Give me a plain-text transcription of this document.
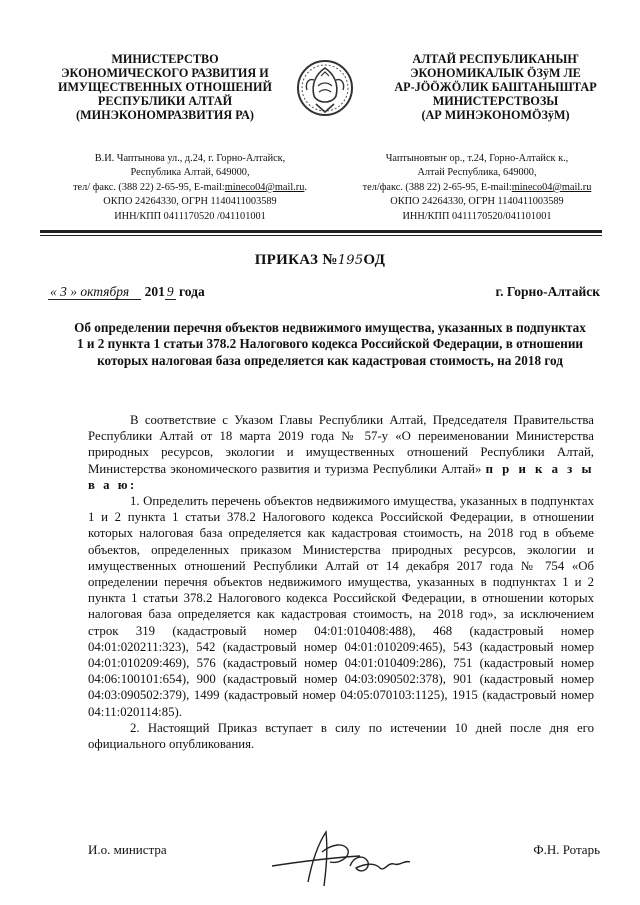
МИНИСТЕРСТВО
ЭКОНОМИЧЕСКОГО РАЗВИТИЯ И
ИМУЩЕСТВЕННЫХ ОТНОШЕНИЙ
РЕСПУБЛИКИ АЛТАЙ
(МИНЭКОНОМРАЗВИТИЯ РА)
АЛТАЙ РЕСПУБЛИКАНЫҤ
ЭКОНОМИКАЛЫК ÖЗÿМ ЛЕ
АР-JÖÖЖÖЛИК БАШТАНЫШТАР
МИНИСТЕРСТВОЗЫ
(АР МИНЭКОНОМÖЗÿМ)
В.И. Чаптынова ул., д.24, г. Горно-Алтайск,
Республика Алтай, 649000,
тел/ факс. (388 22) 2-65-95, E-mail:mineco04@mail.ru.
ОКПО 24264330, ОГРН 1140411003589
ИНН/КПП 0411170520 /041101001
Чаптыновтыҥ ор., т.24, Горно-Алтайск к.,
Алтай Республика, 649000,
тел/факс. (388 22) 2-65-95, E-mail:mineco04@mail.ru
ОКПО 24264330, ОГРН 1140411003589
ИНН/КПП 0411170520/041101001
ПРИКАЗ №195ОД
« 3 » октября 201 9 года	г. Горно-Алтайск
Об определении перечня объектов недвижимого имущества, указанных в подпунктах 1 и 2 пункта 1 статьи 378.2 Налогового кодекса Российской Федерации, в отношении которых налоговая база определяется как кадастровая стоимость, на 2018 год

В соответствие с Указом Главы Республики Алтай, Председателя Правительства Республики Алтай от 18 марта 2019 года № 57-у «О переименовании Министерства природных ресурсов, экологии и имущественных отношений Республики Алтай, Министерства экономического развития и туризма Республики Алтай» п р и к а з ы в а ю:

1. Определить перечень объектов недвижимого имущества, указанных в подпунктах 1 и 2 пункта 1 статьи 378.2 Налогового кодекса Российской Федерации, в отношении которых налоговая база определяется как кадастровая стоимость, на 2018 год в объеме объектов, определенных приказом Министерства природных ресурсов, экологии и имущественных отношений Республики Алтай от 14 декабря 2017 года № 754 «Об определении перечня объектов недвижимого имущества, указанных в подпунктах 1 и 2 пункта 1 статьи 378.2 Налогового кодекса Российской Федерации, в отношении которых налоговая база определяется как кадастровая стоимость, на 2018 год», за исключением строк 319 (кадастровый номер 04:01:010408:488), 468 (кадастровый номер 04:01:020211:323), 542 (кадастровый номер 04:01:010209:465), 543 (кадастровый номер 04:01:010209:469), 576 (кадастровый номер 04:01:010409:286), 751 (кадастровый номер 04:06:100101:654), 900 (кадастровый номер 04:03:090502:378), 901 (кадастровый номер 04:03:090502:379), 1499 (кадастровый номер 04:05:070103:1125), 1915 (кадастровый номер 04:11:020114:85).

2. Настоящий Приказ вступает в силу по истечении 10 дней после дня его официального опубликования.

И.о. министра	Ф.Н. Ротарь
